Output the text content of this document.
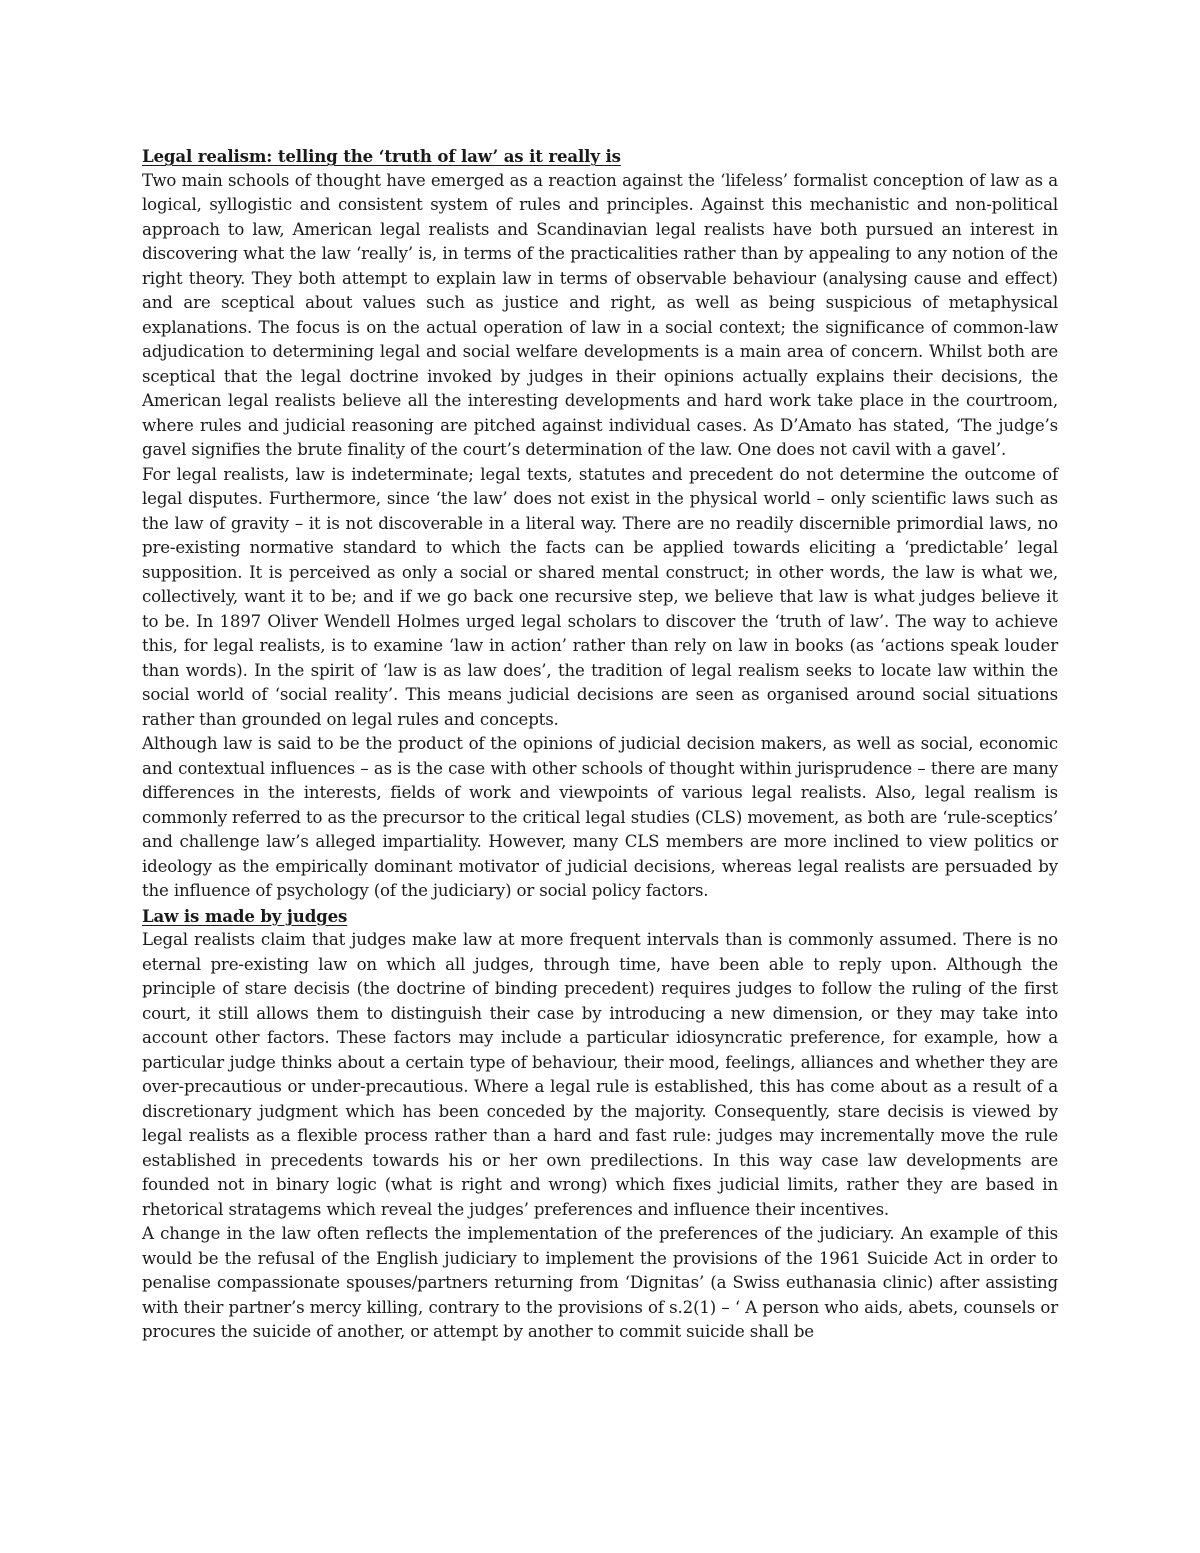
Legal realism: telling the ‘truth of law’ as it really is

Two main schools of thought have emerged as a reaction against the ‘lifeless’ formalist conception of law as a logical, syllogistic and consistent system of rules and principles. Against this mechanistic and non-political approach to law, American legal realists and Scandinavian legal realists have both pursued an interest in discovering what the law ‘really’ is, in terms of the practicalities rather than by appealing to any notion of the right theory. They both attempt to explain law in terms of observable behaviour (analysing cause and effect) and are sceptical about values such as justice and right, as well as being suspicious of metaphysical explanations. The focus is on the actual operation of law in a social context; the significance of common-law adjudication to determining legal and social welfare developments is a main area of concern. Whilst both are sceptical that the legal doctrine invoked by judges in their opinions actually explains their decisions, the American legal realists believe all the interesting developments and hard work take place in the courtroom, where rules and judicial reasoning are pitched against individual cases. As D’Amato has stated, ‘The judge’s gavel signifies the brute finality of the court’s determination of the law. One does not cavil with a gavel’.

For legal realists, law is indeterminate; legal texts, statutes and precedent do not determine the outcome of legal disputes. Furthermore, since ‘the law’ does not exist in the physical world – only scientific laws such as the law of gravity – it is not discoverable in a literal way. There are no readily discernible primordial laws, no pre-existing normative standard to which the facts can be applied towards eliciting a ‘predictable’ legal supposition. It is perceived as only a social or shared mental construct; in other words, the law is what we, collectively, want it to be; and if we go back one recursive step, we believe that law is what judges believe it to be. In 1897 Oliver Wendell Holmes urged legal scholars to discover the ‘truth of law’. The way to achieve this, for legal realists, is to examine ‘law in action’ rather than rely on law in books (as ‘actions speak louder than words). In the spirit of ‘law is as law does’, the tradition of legal realism seeks to locate law within the social world of ‘social reality’. This means judicial decisions are seen as organised around social situations rather than grounded on legal rules and concepts.

Although law is said to be the product of the opinions of judicial decision makers, as well as social, economic and contextual influences – as is the case with other schools of thought within jurisprudence – there are many differences in the interests, fields of work and viewpoints of various legal realists. Also, legal realism is commonly referred to as the precursor to the critical legal studies (CLS) movement, as both are ‘rule-sceptics’ and challenge law’s alleged impartiality. However, many CLS members are more inclined to view politics or ideology as the empirically dominant motivator of judicial decisions, whereas legal realists are persuaded by the influence of psychology (of the judiciary) or social policy factors.

Law is made by judges

Legal realists claim that judges make law at more frequent intervals than is commonly assumed. There is no eternal pre-existing law on which all judges, through time, have been able to reply upon. Although the principle of stare decisis (the doctrine of binding precedent) requires judges to follow the ruling of the first court, it still allows them to distinguish their case by introducing a new dimension, or they may take into account other factors. These factors may include a particular idiosyncratic preference, for example, how a particular judge thinks about a certain type of behaviour, their mood, feelings, alliances and whether they are over-precautious or under-precautious. Where a legal rule is established, this has come about as a result of a discretionary judgment which has been conceded by the majority. Consequently, stare decisis is viewed by legal realists as a flexible process rather than a hard and fast rule: judges may incrementally move the rule established in precedents towards his or her own predilections. In this way case law developments are founded not in binary logic (what is right and wrong) which fixes judicial limits, rather they are based in rhetorical stratagems which reveal the judges’ preferences and influence their incentives.

A change in the law often reflects the implementation of the preferences of the judiciary. An example of this would be the refusal of the English judiciary to implement the provisions of the 1961 Suicide Act in order to penalise compassionate spouses/partners returning from ‘Dignitas’ (a Swiss euthanasia clinic) after assisting with their partner’s mercy killing, contrary to the provisions of s.2(1) – ‘ A person who aids, abets, counsels or procures the suicide of another, or attempt by another to commit suicide shall be
